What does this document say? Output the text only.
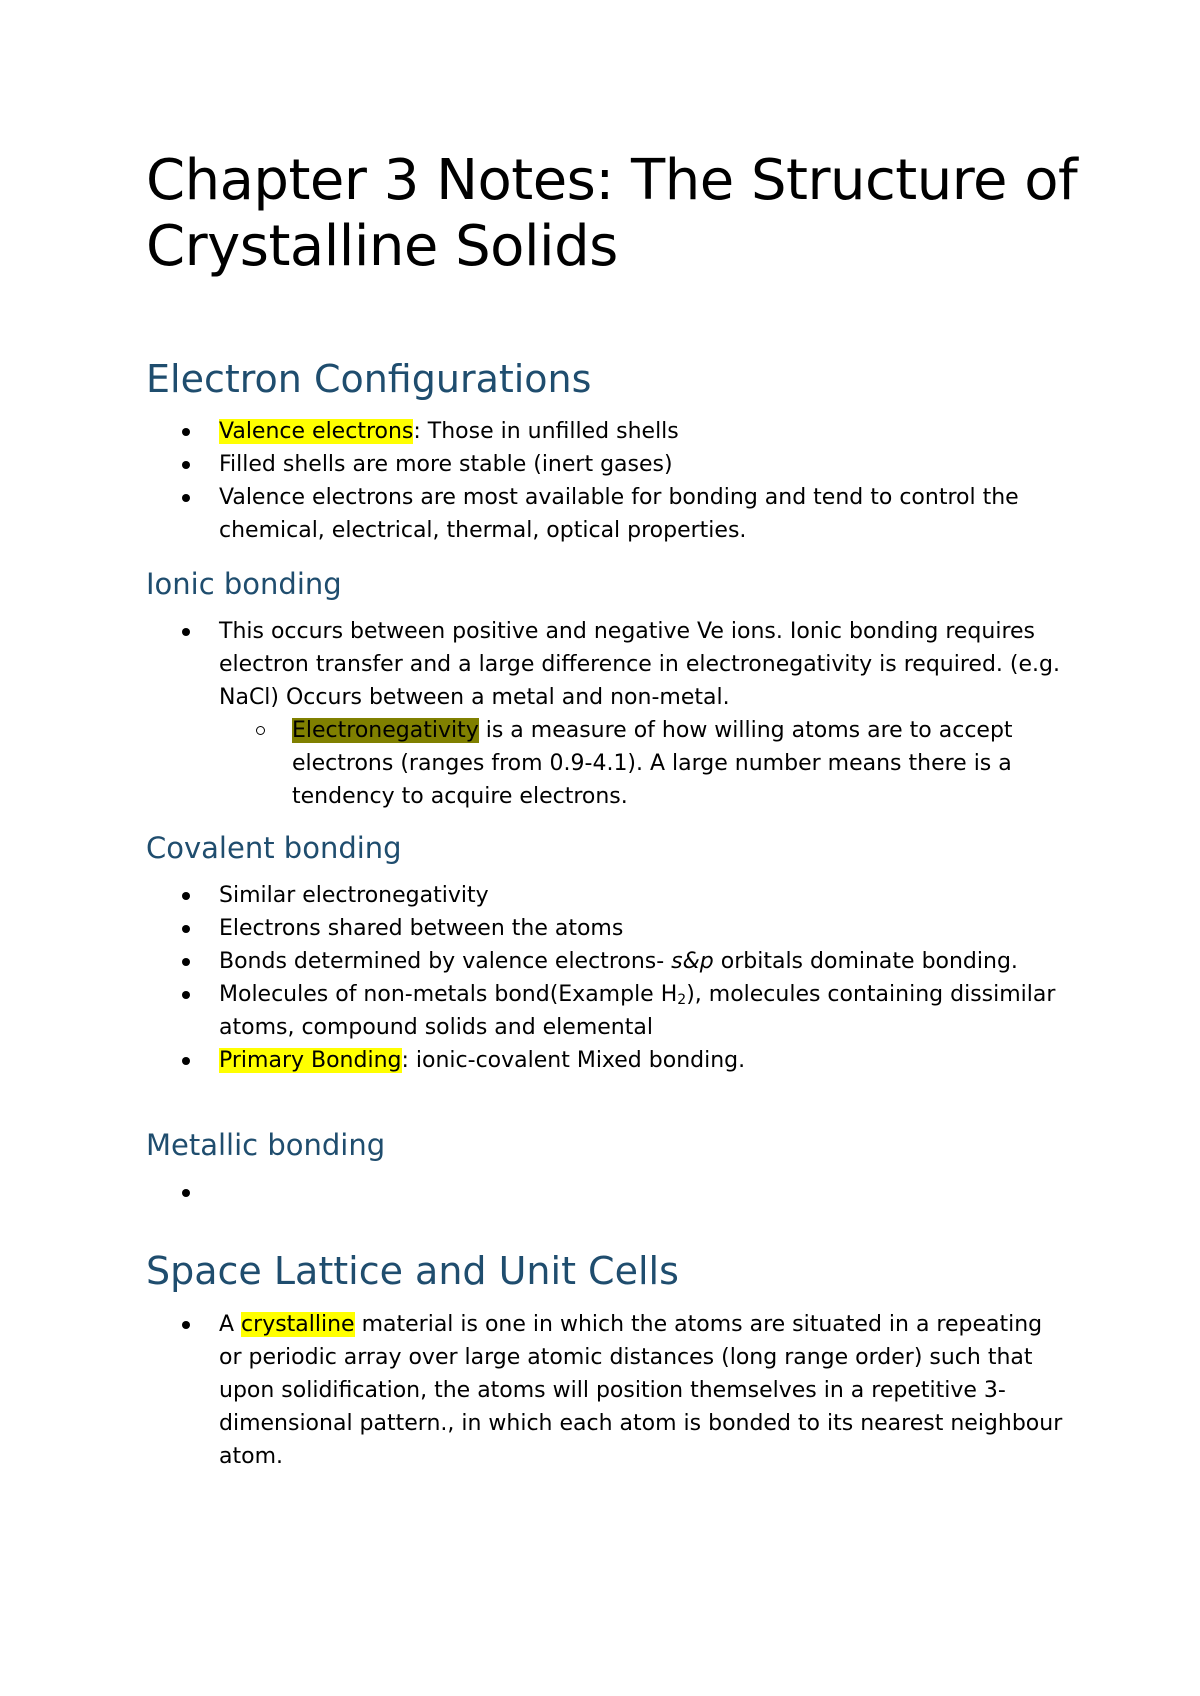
Chapter 3 Notes: The Structure of Crystalline Solids
Electron Configurations
Valence electrons: Those in unfilled shells
Filled shells are more stable (inert gases)
Valence electrons are most available for bonding and tend to control the chemical, electrical, thermal, optical properties.
Ionic bonding
This occurs between positive and negative Ve ions. Ionic bonding requires electron transfer and a large difference in electronegativity is required. (e.g. NaCl) Occurs between a metal and non-metal.
Electronegativity is a measure of how willing atoms are to accept electrons (ranges from 0.9-4.1). A large number means there is a tendency to acquire electrons.
Covalent bonding
Similar electronegativity
Electrons shared between the atoms
Bonds determined by valence electrons- s&p orbitals dominate bonding.
Molecules of non-metals bond(Example H2), molecules containing dissimilar atoms, compound solids and elemental
Primary Bonding: ionic-covalent Mixed bonding.
Metallic bonding
Space Lattice and Unit Cells
A crystalline material is one in which the atoms are situated in a repeating or periodic array over large atomic distances (long range order) such that upon solidification, the atoms will position themselves in a repetitive 3-dimensional pattern., in which each atom is bonded to its nearest neighbour atom.
